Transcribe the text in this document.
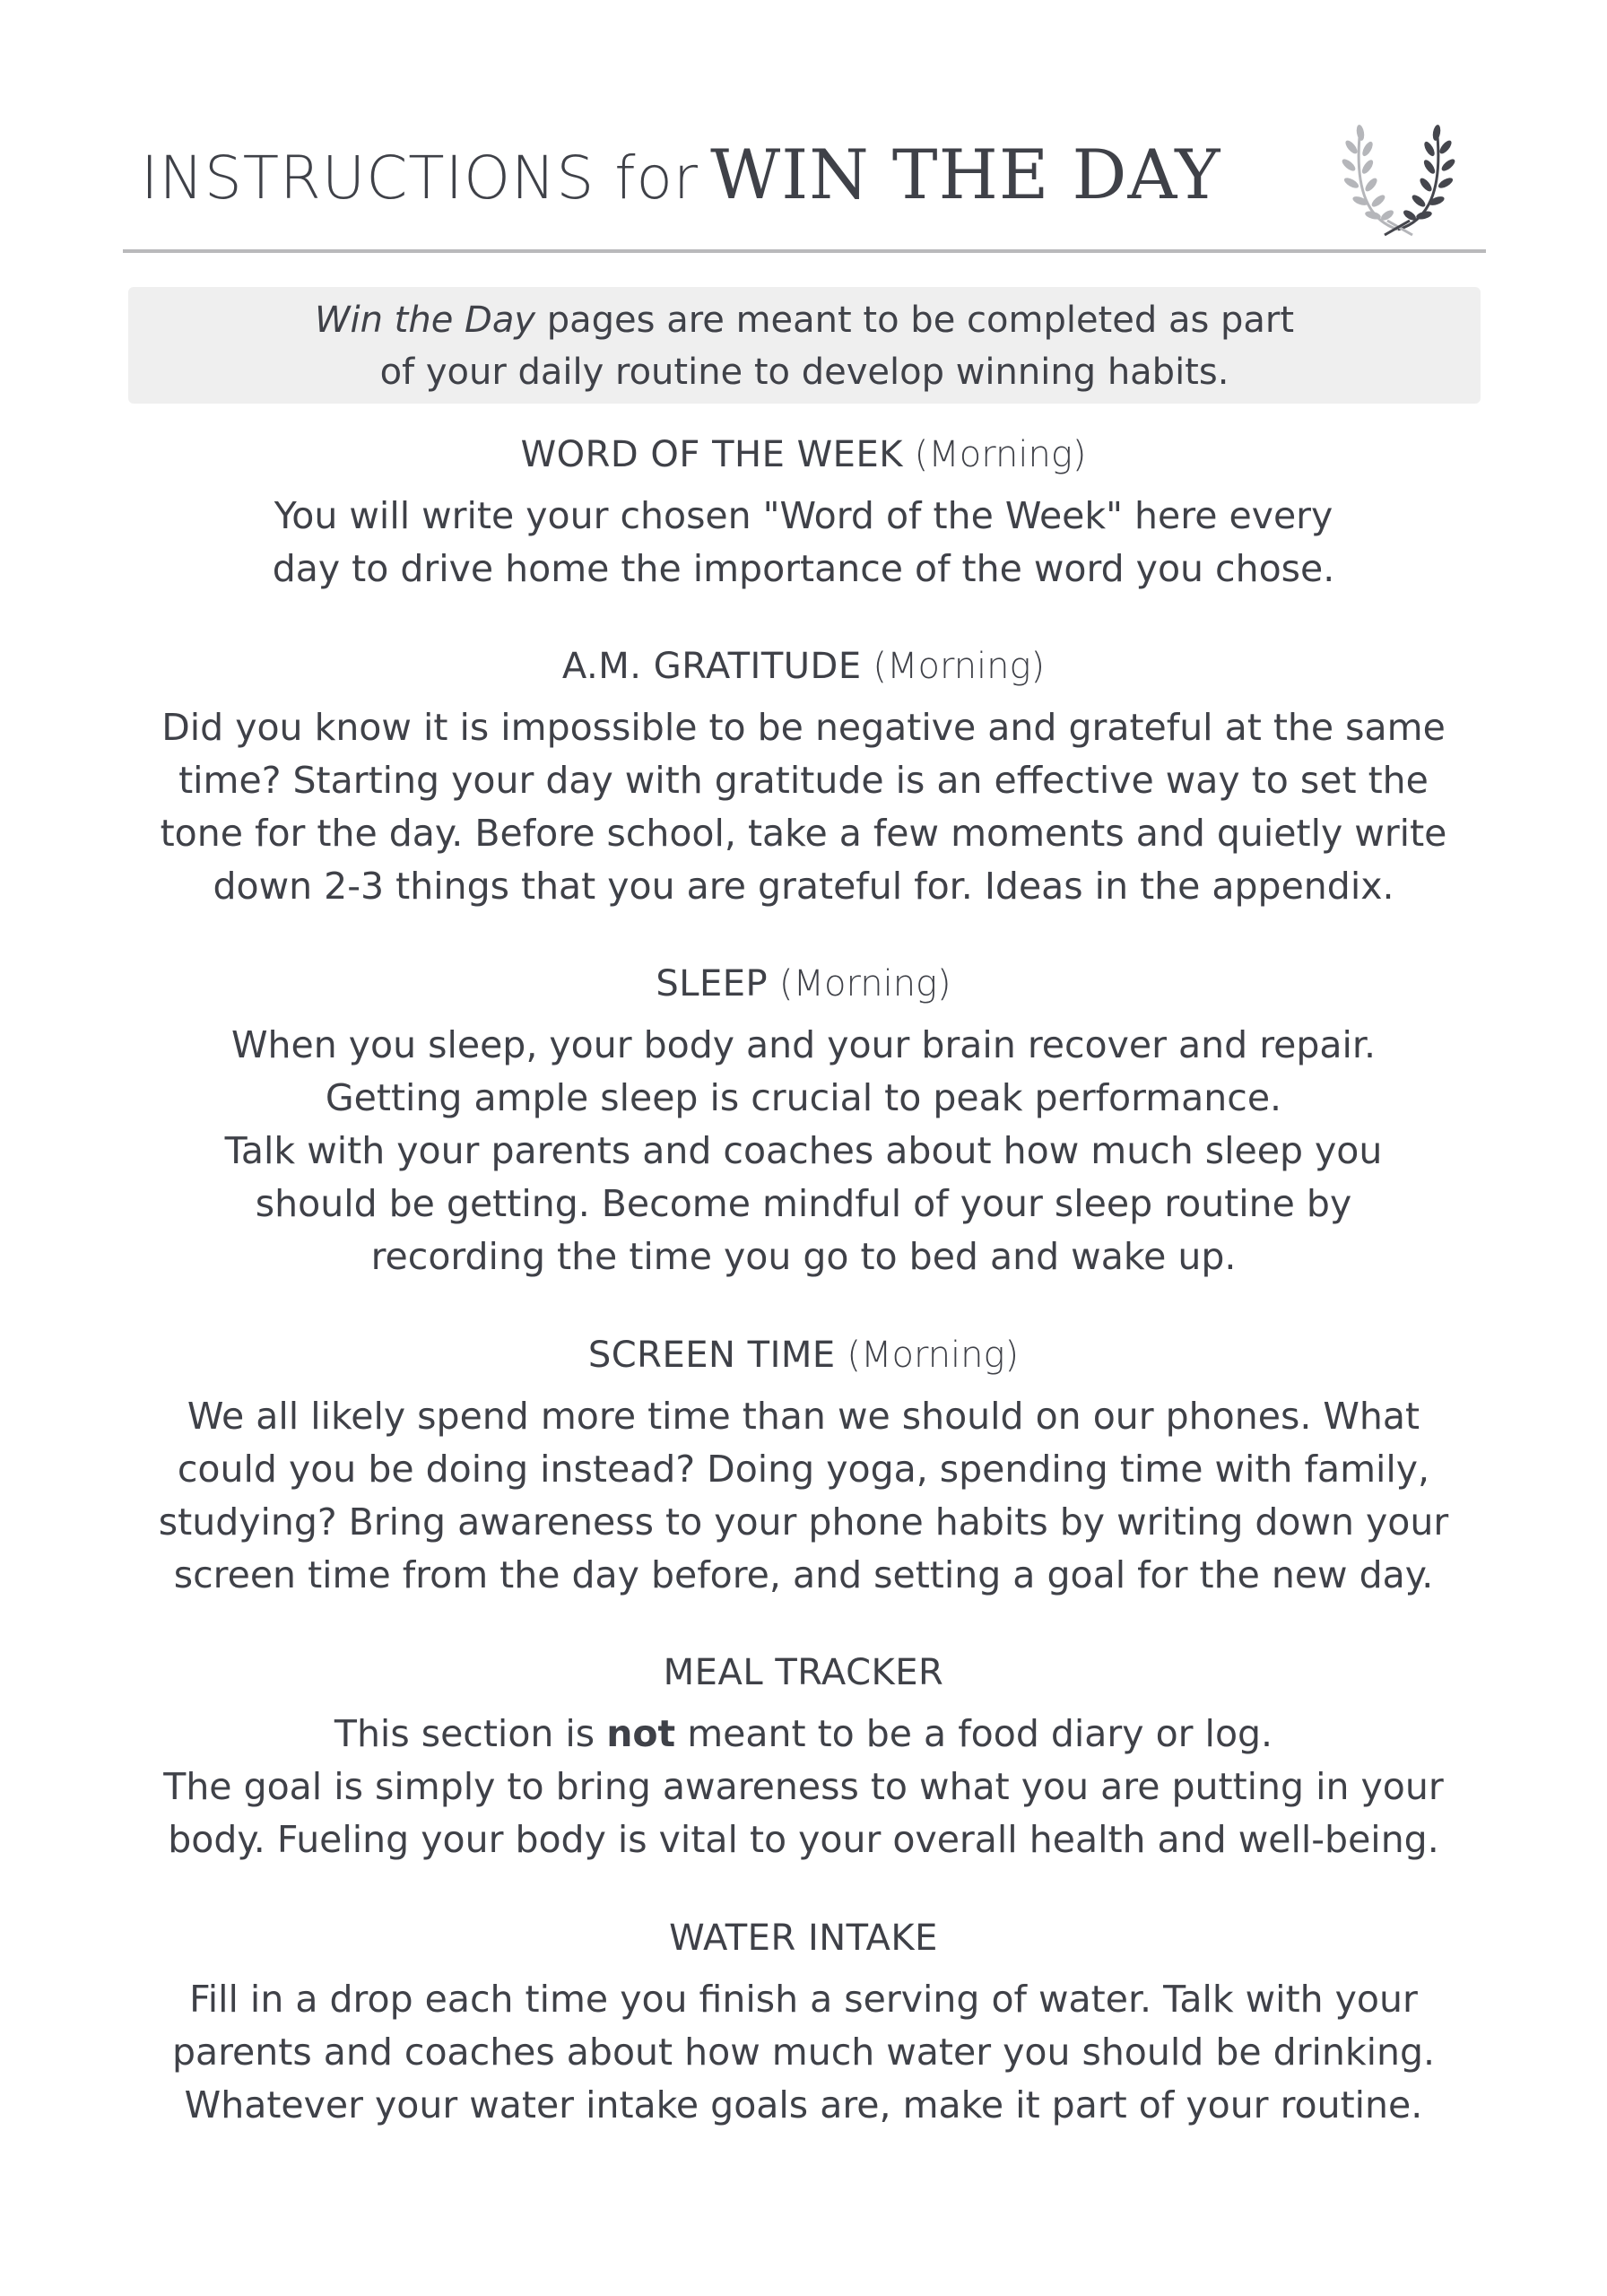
INSTRUCTIONS for WIN THE DAY
Win the Day pages are meant to be completed as part
of your daily routine to develop winning habits.
WORD OF THE WEEK (Morning)
You will write your chosen "Word of the Week" here every
day to drive home the importance of the word you chose.
A.M. GRATITUDE (Morning)
Did you know it is impossible to be negative and grateful at the same
time? Starting your day with gratitude is an effective way to set the
tone for the day. Before school, take a few moments and quietly write
down 2-3 things that you are grateful for. Ideas in the appendix.
SLEEP (Morning)
When you sleep, your body and your brain recover and repair.
Getting ample sleep is crucial to peak performance.
Talk with your parents and coaches about how much sleep you
should be getting. Become mindful of your sleep routine by
recording the time you go to bed and wake up.
SCREEN TIME (Morning)
We all likely spend more time than we should on our phones. What
could you be doing instead? Doing yoga, spending time with family,
studying? Bring awareness to your phone habits by writing down your
screen time from the day before, and setting a goal for the new day.
MEAL TRACKER
This section is not meant to be a food diary or log.
The goal is simply to bring awareness to what you are putting in your
body. Fueling your body is vital to your overall health and well-being.
WATER INTAKE
Fill in a drop each time you finish a serving of water. Talk with your
parents and coaches about how much water you should be drinking.
Whatever your water intake goals are, make it part of your routine.
